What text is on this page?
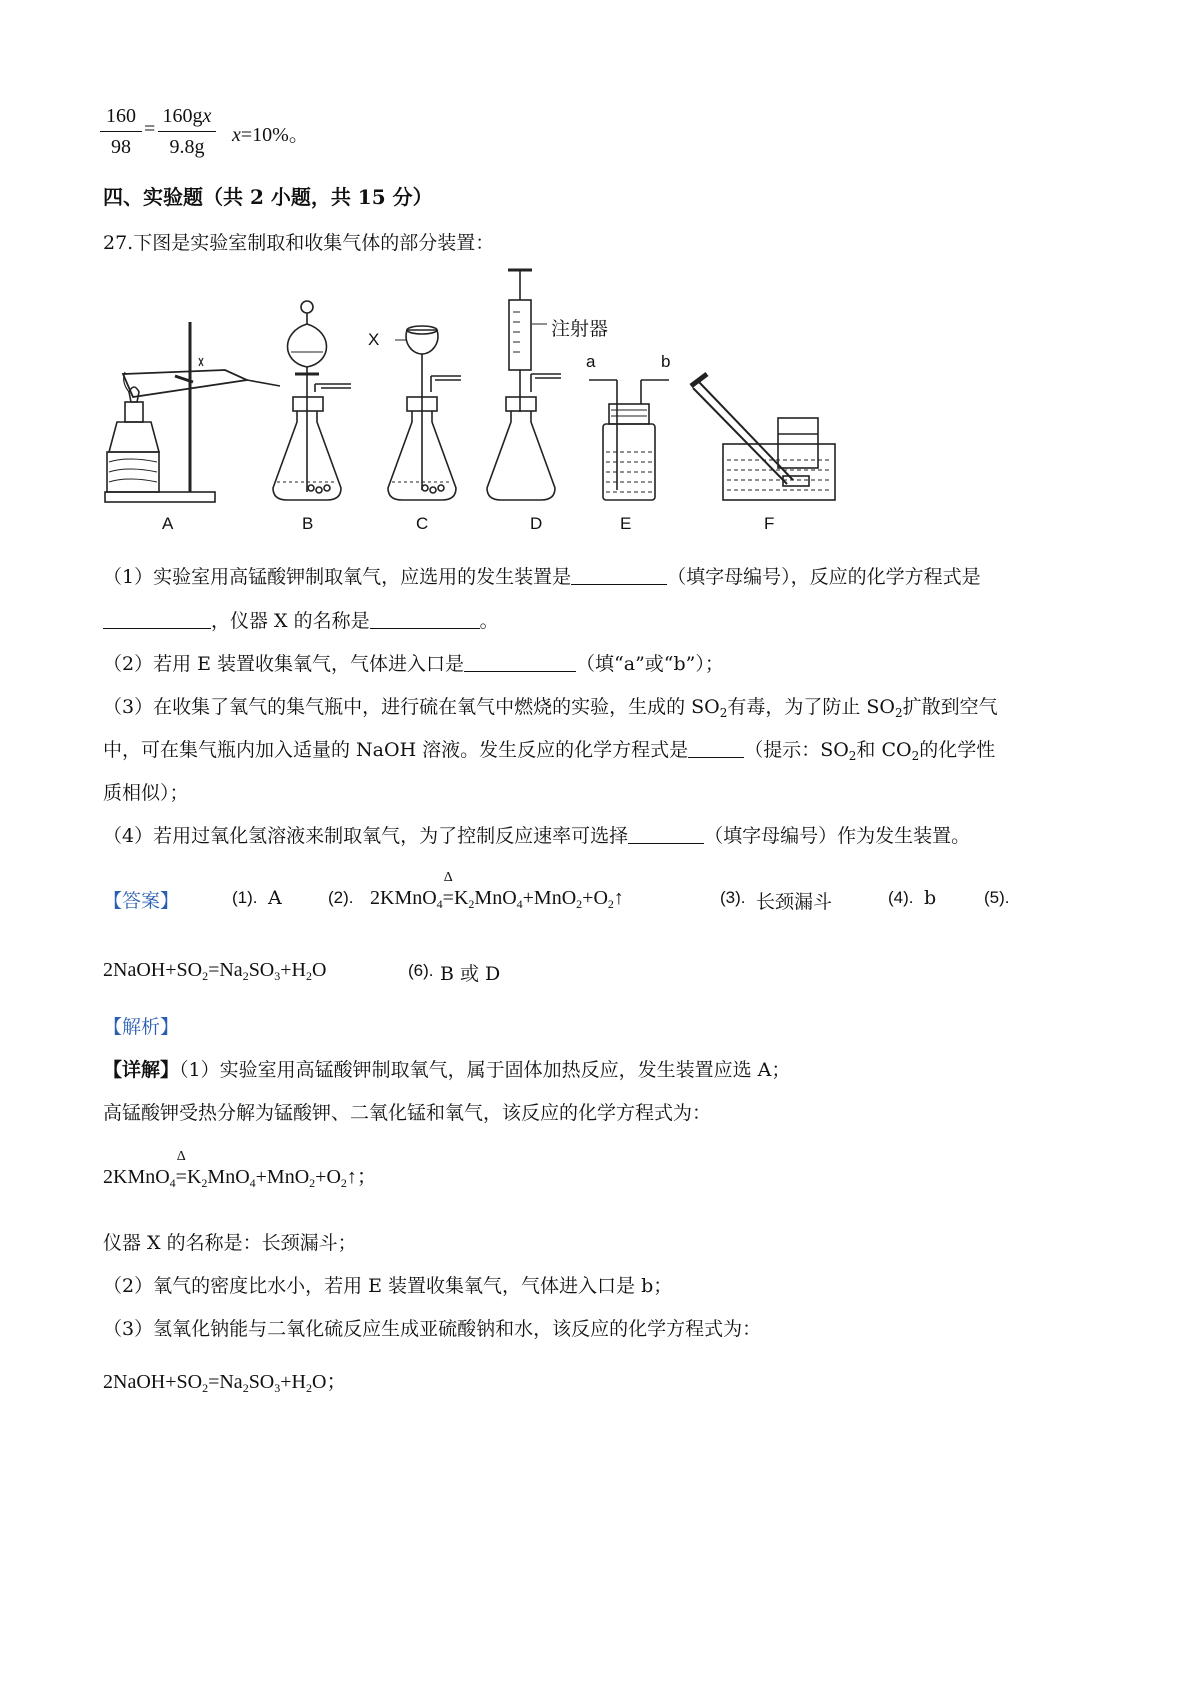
160
98
=
160gx
9.8g
x=10%。
四、实验题（共 2 小题，共 15 分）
27.下图是实验室制取和收集气体的部分装置：
X	注射器
a	b
A	B	C	D	E	F
（1）实验室用高锰酸钾制取氧气，应选用的发生装置是	（填字母编号），反应的化学方程式是
，仪器 X 的名称是	。
（2）若用 E 装置收集氧气，气体进入口是	（填“a”或“b”）；
（3）在收集了氧气的集气瓶中，进行硫在氧气中燃烧的实验，生成的 $SO_2$有毒，为了防止 $SO_2$扩散到空气
中，可在集气瓶内加入适量的 NaOH 溶液。发生反应的化学方程式是	（提示：$SO_2$和 $CO_2$的化学性
质相似）；
（4）若用过氧化氢溶液来制取氧气，为了控制反应速率可选择	（填字母编号）作为发生装置。
【答案】	(1). A	(2). 2KMnO$_4$
Δ
$=K_2MnO_4+MnO_2+O_2↑$	(3). 长颈漏斗	(4). b	(5).
$2NaOH+SO_2=Na_2SO_3+H_2O$	(6). B 或 D
【解析】
【详解】（1）实验室用高锰酸钾制取氧气，属于固体加热反应，发生装置应选 A；
高锰酸钾受热分解为锰酸钾、二氧化锰和氧气，该反应的化学方程式为：
2KMnO$_4$
Δ
$=K_2MnO_4+MnO_2+O_2↑$；
仪器 X 的名称是：长颈漏斗；
（2）氧气的密度比水小，若用 E 装置收集氧气，气体进入口是 b；
（3）氢氧化钠能与二氧化硫反应生成亚硫酸钠和水，该反应的化学方程式为：
$2NaOH+SO_2=Na_2SO_3+H_2O$；
